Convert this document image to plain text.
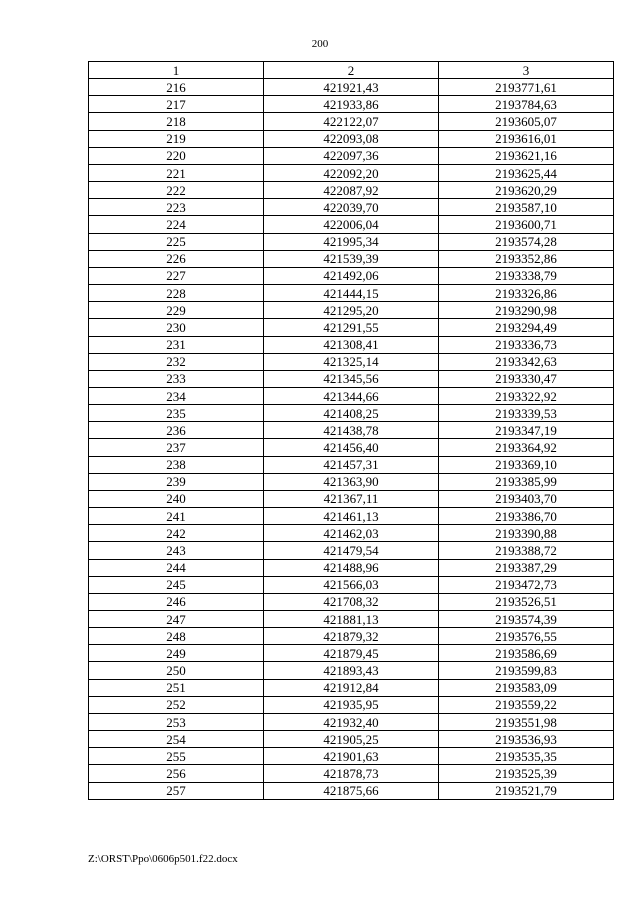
200
1	2	3
216	421921,43	2193771,61
217	421933,86	2193784,63
218	422122,07	2193605,07
219	422093,08	2193616,01
220	422097,36	2193621,16
221	422092,20	2193625,44
222	422087,92	2193620,29
223	422039,70	2193587,10
224	422006,04	2193600,71
225	421995,34	2193574,28
226	421539,39	2193352,86
227	421492,06	2193338,79
228	421444,15	2193326,86
229	421295,20	2193290,98
230	421291,55	2193294,49
231	421308,41	2193336,73
232	421325,14	2193342,63
233	421345,56	2193330,47
234	421344,66	2193322,92
235	421408,25	2193339,53
236	421438,78	2193347,19
237	421456,40	2193364,92
238	421457,31	2193369,10
239	421363,90	2193385,99
240	421367,11	2193403,70
241	421461,13	2193386,70
242	421462,03	2193390,88
243	421479,54	2193388,72
244	421488,96	2193387,29
245	421566,03	2193472,73
246	421708,32	2193526,51
247	421881,13	2193574,39
248	421879,32	2193576,55
249	421879,45	2193586,69
250	421893,43	2193599,83
251	421912,84	2193583,09
252	421935,95	2193559,22
253	421932,40	2193551,98
254	421905,25	2193536,93
255	421901,63	2193535,35
256	421878,73	2193525,39
257	421875,66	2193521,79
Z:\ORST\Ppo\0606p501.f22.docx
